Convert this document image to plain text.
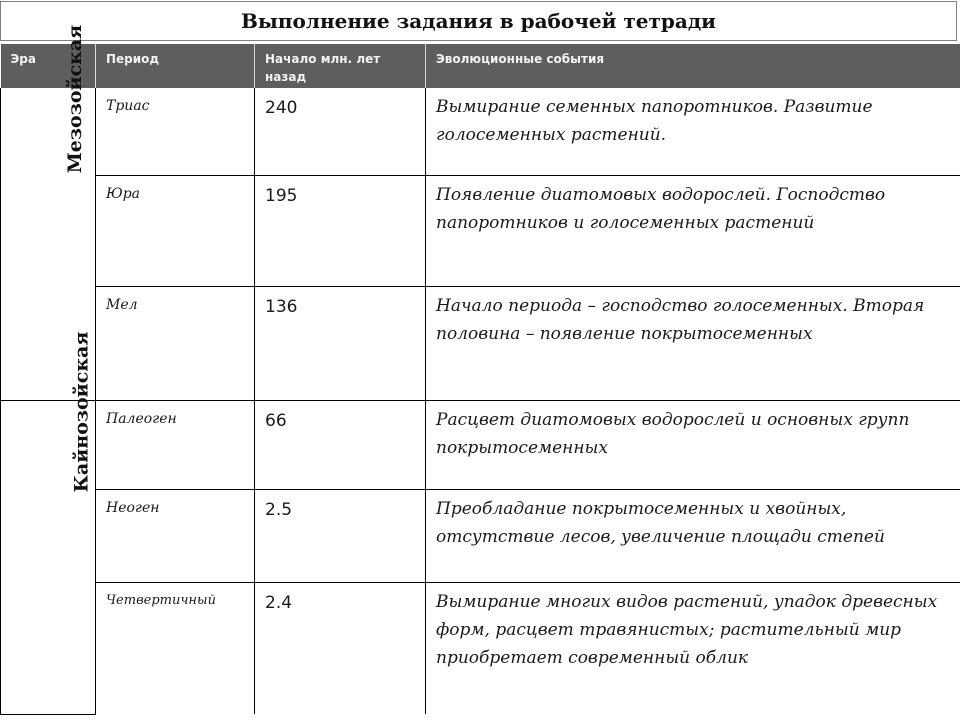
Выполнение задания в рабочей тетради
Эра	Период	Начало млн. лет назад	Эволюционные события
Мезозойская	Триас	240	Вымирание семенных папоротников. Развитие голосеменных растений.
	Юра	195	Появление диатомовых водорослей. Господство папоротников и голосеменных растений
	Мел	136	Начало периода – господство голосеменных. Вторая половина – появление покрытосеменных
Кайнозойская	Палеоген	66	Расцвет диатомовых водорослей и основных групп покрытосеменных
	Неоген	2.5	Преобладание покрытосеменных и хвойных, отсутствие лесов, увеличение площади степей
	Четвертичный	2.4	Вымирание многих видов растений, упадок древесных форм, расцвет травянистых; растительный мир приобретает современный облик
